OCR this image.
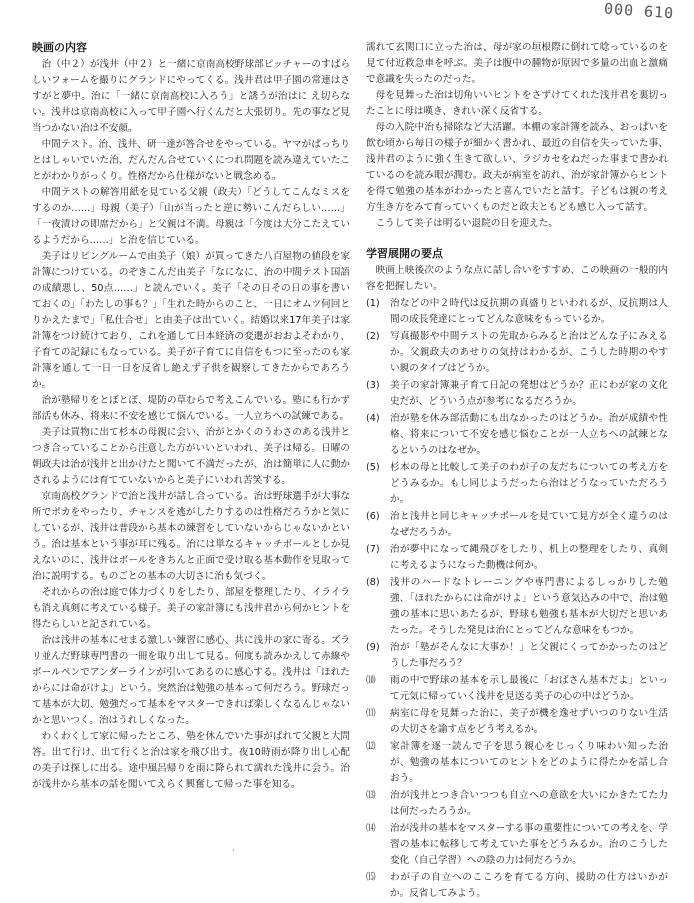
000 610
映画の内容

治（中２）が浅井（中２）と一緒に京南高校野球部ピッチャーのすばらしいフォームを撮りにグランドにやってくる。浅井君は甲子園の常連はさすがと夢中。治に「一緒に京南高校に入ろう」と誘うが治はに え切らない。浅井は京南高校に入って甲子園へ行くんだと大張切り。先の事など見当つかない治は不安顔。

中間テスト。治、浅井、研一達が答合せをやっている。ヤマがぱっちりとはしゃいでいた治、だんだん合せていくにつれ問題を読み違えていたことがわかりがっくり。性格だから仕様がないと戦念める。

中間テストの解答用紙を見ている父親（政夫）「どうしてこんなミスをするのか……」母親（美子）「山が当ったと逆に勢いこんだらしい……」「一夜漬けの即席だから」と父親は不満。母親は「今度は大分こたえているようだから……」と治を信じている。

美子はリビングルームで由美子（娘）が買ってきた八百屋物の値段を家計簿につけている。のぞきこんだ由美子「なになに、治の中間テスト国語の成績悪し、50点……」と読んでいく。美子「その日その日の事を書いておくの」「わたしの事も？」「生れた時からのこと、一日にオムツ何回とりかえたまで」「私仕合せ」と由美子は出ていく。結婚以来17年美子は家計簿をつけ続けており、これを通して日本経済の変遷がおおよそわかり、子育ての記録にもなっている。美子が子育てに自信をもつに至ったのも家計簿を通して一日一日を反省し絶えず子供を観察してきたからであろうか。

治が塾帰りをとぼとぼ、堤防の草むらで考えこんでいる。塾にも行かず部活も休み、将来に不安を感じて悩んでいる。一人立ちへの試練である。

美子は買物に出て杉本の母親に会い、治がとかくのうわさのある浅井とつき合っていることから注意した方がいいといわれ、美子は帰る。日曜の朝政夫は治が浅井と出かけたと聞いて不満だったが、治は簡単に人に動かされるようには育てていないからと美子にいわれ苦笑する。

京南高校グランドで治と浅井が話し合っている。治は野球選手が大事な所でポカをやったり、チャンスを逃がしたりするのは性格だろうかと気にしているが、浅井は普段から基本の練習をしていないからじゃないかという。治は基本という事が耳に残る。治には単なるキャッチボールとしか見えないのに、浅井はボールをきちんと正面で受け取る基本動作を見取って治に説明する。ものごとの基本の大切さに治も気づく。

それからの治は庭で体力づくりをしたり、部屋を整理したり、イライラも消え真剣に考えている様子。美子の家計簿にも浅井君から何かヒントを得たらしいと記されている。

治は浅井の基本にせまる激しい練習に感心、共に浅井の家に寄る。ズラリ並んだ野球専門書の一冊を取り出して見る。何度も読みかえして赤線やボールペンでアンダーラインが引いてあるのに感心する。浅井は「ほれたからには命がけよ」という。突然治は勉強の基本って何だろう。野球だって基本が大切、勉強だって基本をマスターできれば楽しくなるんじゃないかと思いつく。治はうれしくなった。

わくわくして家に帰ったところ、塾を休んでいた事がばれて父親と大問答。出て行け、出て行くと治は家を飛び出す。夜10時雨が降り出し心配の美子は探しに出る。途中風呂帰りを雨に降られて濡れた浅井に会う。治が浅井から基本の話を聞いてえらく興奮して帰った事を知る。

濡れて玄関口に立った治は、母が家の垣根際に倒れて唸っているのを見て付近救急車を呼ぶ。美子は腹中の腫物が原因で多量の出血と激痛で意識を失ったのだった。

母を見舞った治は切角いいヒントをさずけてくれた浅井君を裏切ったことに母は嘆き、きれい深く反省する。

母の入院中治も掃除など大活躍。本棚の家計簿を読み、おっぱいを飲む頃から毎日の様子が細かく書かれ、最近の自信を失っていた事、浅井君のように強く生きて欲しい、ラジカセをねだった事まで書かれているのを読み眼が潤む。政夫が病室を訪れ、治が家計簿からヒントを得て勉強の基本がわかったと喜んでいたと話す。子どもは親の考え方生き方をみて育っていくものだと政夫ともども感じ入って話す。

こうして美子は明るい退院の日を迎えた。

学習展開の要点

映画上映後次のような点に話し合いをすすめ、この映画の一般的内容を把握したい。

(1)	治などの中２時代は反抗期の真盛りといわれるが、反抗期は人間の成長発達にとってどんな意味をもっているか。
(2)	写真撮影や中間テストの先取からみると治はどんな子にみえるか。父親政夫のあせりの気持はわかるが、こうした時期のやすい親のタイプはどうか。
(3)	美子の家計簿兼子育て日記の発想はどうか？正にわが家の文化史だが、どういう点が参考になるだろうか。
(4)	治が塾を休み部活動にも出なかったのはどうか。治が成績や性格、将来について不安を感じ悩むことが一人立ちへの試練となるというのはなぜか。
(5)	杉本の母と比較して美子のわが子の友だちについての考え方をどうみるか。もし同じようだったら治はどうなっていただろうか。
(6)	治と浅井と同じキャッチボールを見ていて見方が全く違うのはなぜだろうか。
(7)	治が夢中になって縄飛びをしたり、机上の整理をしたり、真剣に考えるようになった動機は何か。
(8)	浅井のハードなトレーニングや専門書によるしっかりした勉強、「ほれたからには命がけよ」という意気込みの中で、治は勉強の基本に思いあたるが、野球も勉強も基本が大切だと思いあたった。そうした発見は治にとってどんな意味をもつか。
(9)	治が「塾がそんなに大事か！」と父親にくってかかったのはどうした事だろう？
⑽	雨の中で野球の基本を示し最後に「おばさん基本だよ」といって元気に帰っていく浅井を見送る美子の心の中はどうか。
⑾	病室に母を見舞った治に、美子が機を逸せずいつのりない生活の大切さを諭す点をどう考えるか。
⑿	家計簿を逐一読んで子を思う親心をじっくり味わい知った治が、勉強の基本についてのヒントをどのように得たかを話し合おう。
⒀	治が浅井とつき合いつつも自立への意欲を大いにかきたてた力は何だったろうか。
⒁	治が浅井の基本をマスターする事の重要性についての考えを、学習の基本に転移して考えていた事をどうみるか。治のこうした変化（自己学習）への陰の力は何だろうか。
⒂	わが子の自立へのこころを育てる方向、援助の仕方はいかがか。反省してみよう。
·
